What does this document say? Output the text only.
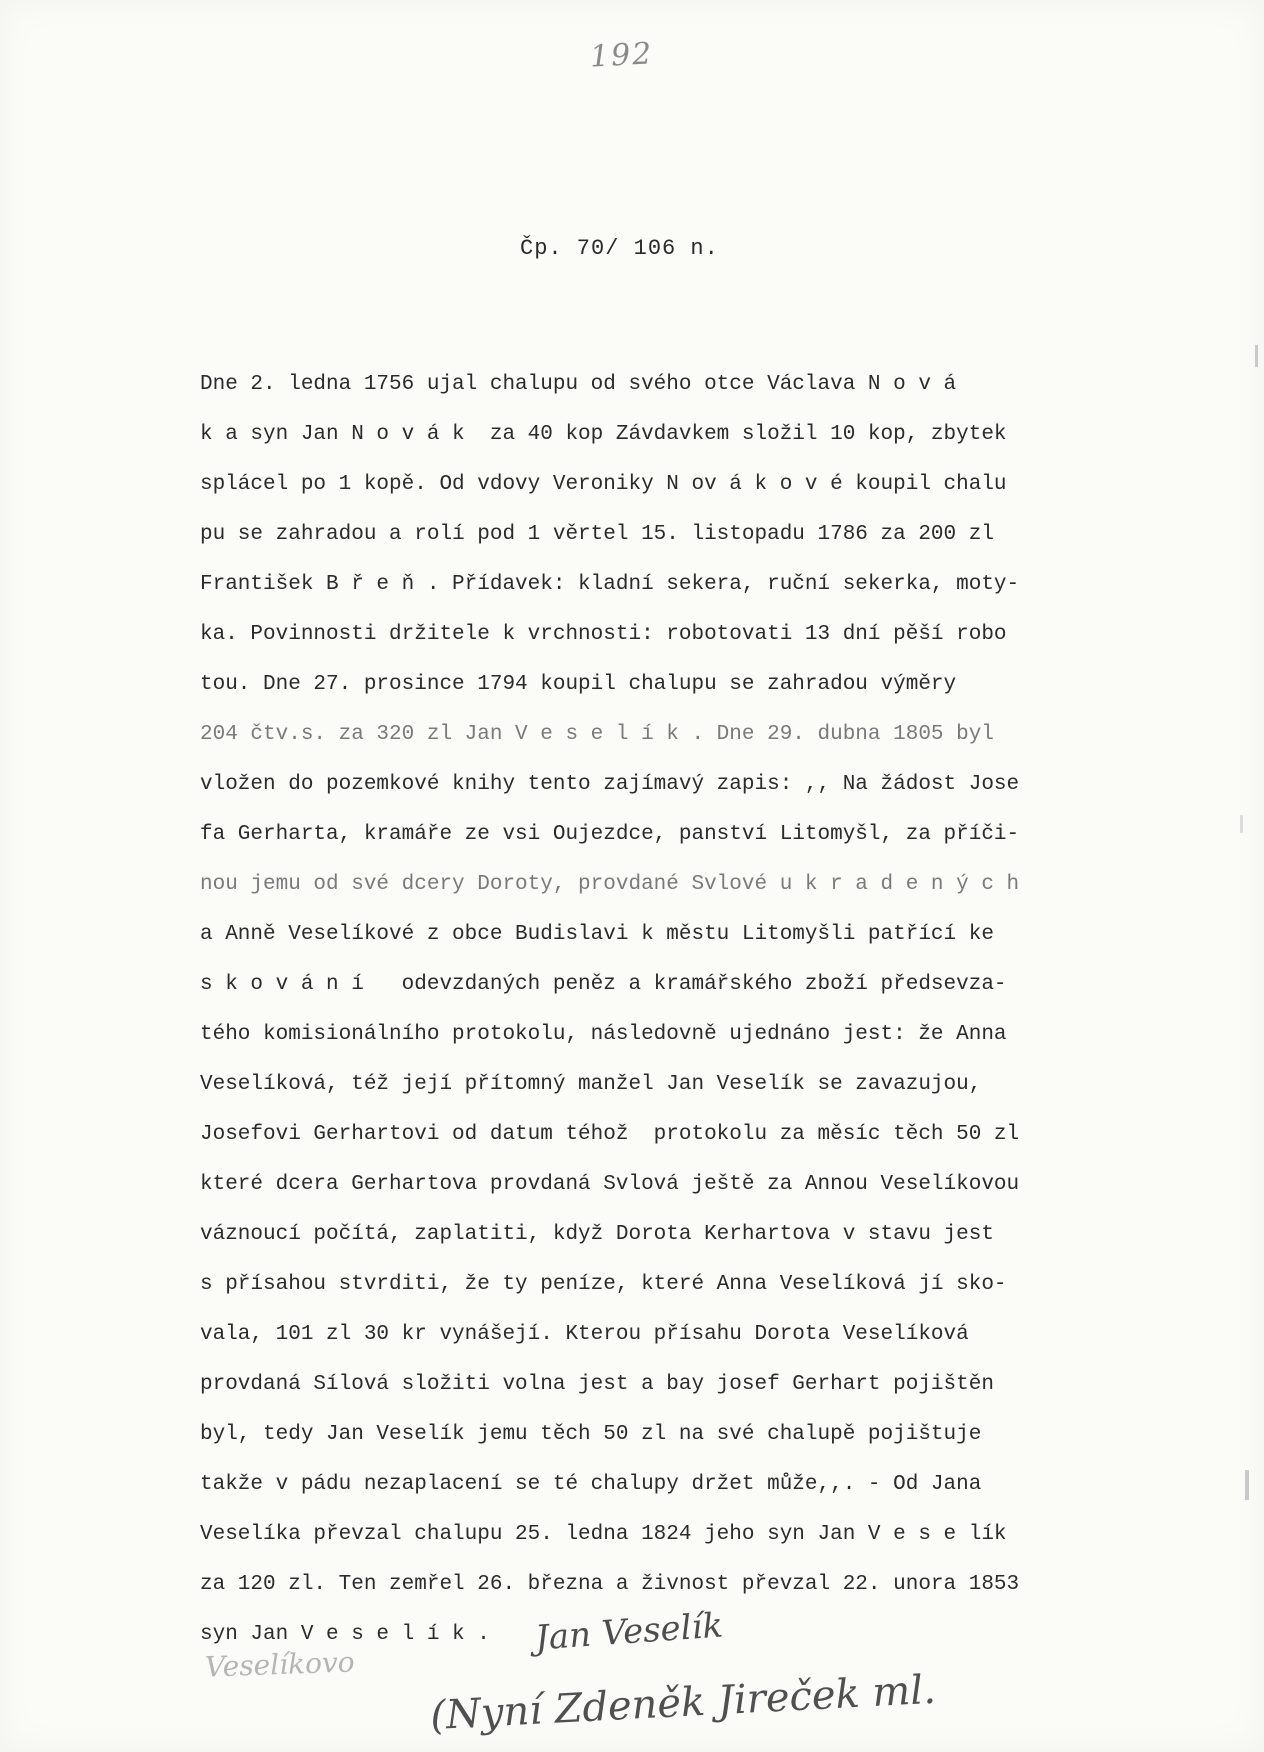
192
Čp. 70/ 106 n.
Dne 2. ledna 1756 ujal chalupu od svého otce Václava N o v á
k a syn Jan N o v á k  za 40 kop Závdavkem složil 10 kop, zbytek
splácel po 1 kopě. Od vdovy Veroniky N ov á k o v é koupil chalu
pu se zahradou a rolí pod 1 věrtel 15. listopadu 1786 za 200 zl
František B ř e ň . Přídavek: kladní sekera, ruční sekerka, moty-
ka. Povinnosti držitele k vrchnosti: robotovati 13 dní pěší robo
tou. Dne 27. prosince 1794 koupil chalupu se zahradou výměry
204 čtv.s. za 320 zl Jan V e s e l í k . Dne 29. dubna 1805 byl
vložen do pozemkové knihy tento zajímavý zapis: ,, Na žádost Jose
fa Gerharta, kramáře ze vsi Oujezdce, panství Litomyšl, za příči-
nou jemu od své dcery Doroty, provdané Svlové u k r a d e n ý c h
a Anně Veselíkové z obce Budislavi k městu Litomyšli patřící ke
s k o v á n í   odevzdaných peněz a kramářského zboží předsevza-
tého komisionálního protokolu, následovně ujednáno jest: že Anna
Veselíková, též její přítomný manžel Jan Veselík se zavazujou,
Josefovi Gerhartovi od datum téhož  protokolu za měsíc těch 50 zl
které dcera Gerhartova provdaná Svlová ještě za Annou Veselíkovou
váznoucí počítá, zaplatiti, když Dorota Kerhartova v stavu jest
s přísahou stvrditi, že ty peníze, které Anna Veselíková jí sko-
vala, 101 zl 30 kr vynášejí. Kterou přísahu Dorota Veselíková
provdaná Sílová složiti volna jest a bay josef Gerhart pojištěn
byl, tedy Jan Veselík jemu těch 50 zl na své chalupě pojištuje
takže v pádu nezaplacení se té chalupy držet může,,. - Od Jana
Veselíka převzal chalupu 25. ledna 1824 jeho syn Jan V e s e lík
za 120 zl. Ten zemřel 26. března a živnost převzal 22. unora 1853
syn Jan V e s e l í k .
Veselíkovo
Jan Veselík
(Nyní Zdeněk Jireček ml.
